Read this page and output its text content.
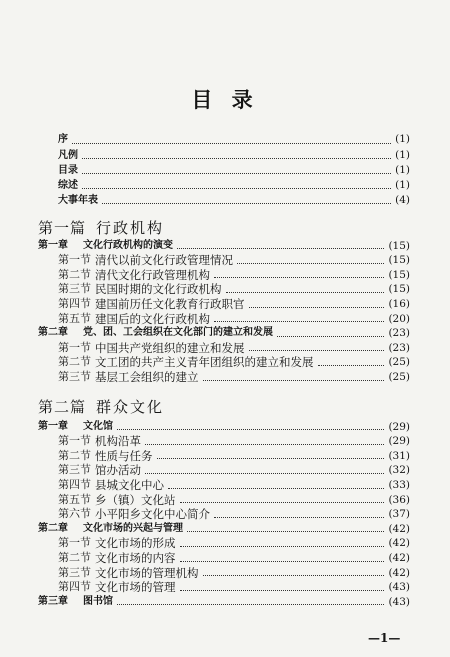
目 录
序	(1)
凡例	(1)
目录	(1)
综述	(1)
大事年表	(4)
第一篇 行政机构
第一章	文化行政机构的演变	(15)
第一节 清代以前文化行政管理情况	(15)
第二节 清代文化行政管理机构	(15)
第三节 民国时期的文化行政机构	(15)
第四节 建国前历任文化教育行政职官	(16)
第五节 建国后的文化行政机构	(20)
第二章	党、团、工会组织在文化部门的建立和发展	(23)
第一节 中国共产党组织的建立和发展	(23)
第二节 文工团的共产主义青年团组织的建立和发展	(25)
第三节 基层工会组织的建立	(25)
第二篇 群众文化
第一章	文化馆	(29)
第一节 机构沿革	(29)
第二节 性质与任务	(31)
第三节 馆办活动	(32)
第四节 县城文化中心	(33)
第五节 乡（镇）文化站	(36)
第六节 小平阳乡文化中心简介	(37)
第二章	文化市场的兴起与管理	(42)
第一节 文化市场的形成	(42)
第二节 文化市场的内容	(42)
第三节 文化市场的管理机构	(42)
第四节 文化市场的管理	(43)
第三章	图书馆	(43)
—1—
